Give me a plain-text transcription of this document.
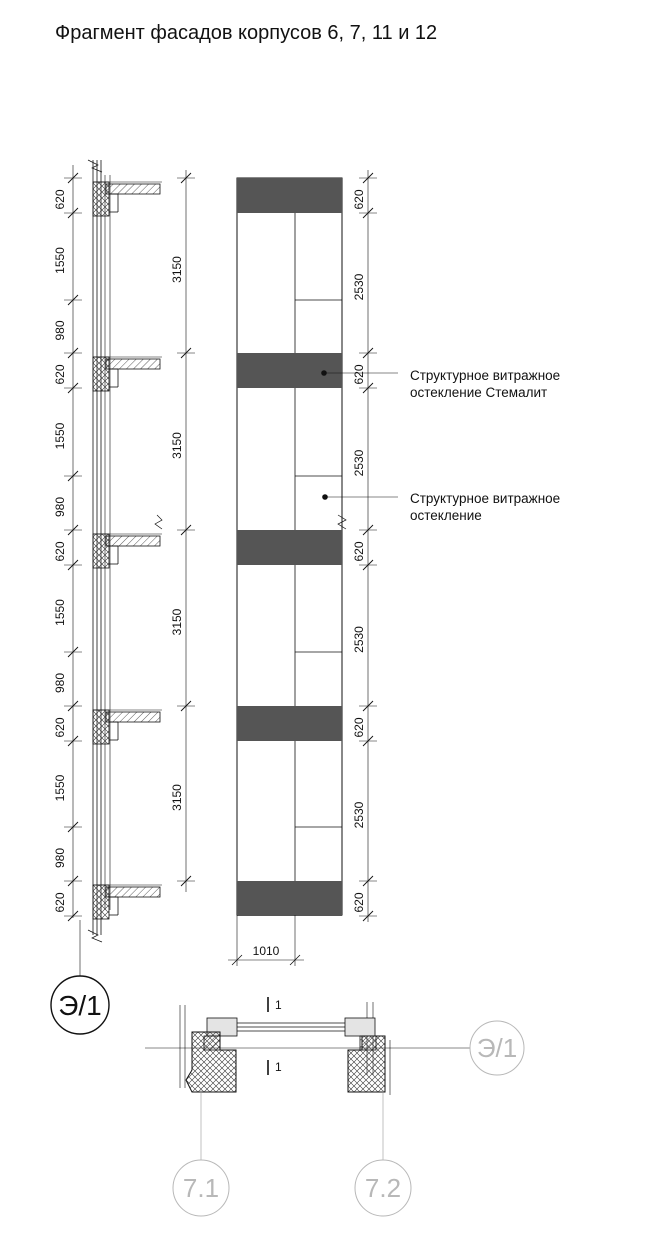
Фрагмент фасадов корпусов 6, 7, 11 и 12
1010
Структурное витражное
остекление Стемалит
Структурное витражное
остекление
Э/1	1
1
Э/1
7.1	7.2
620
1550
980
620
1550
980
620
1550
980
620
1550
980
620
3150
3150
3150
3150
620
2530
620
2530
620
2530
620
2530
620
